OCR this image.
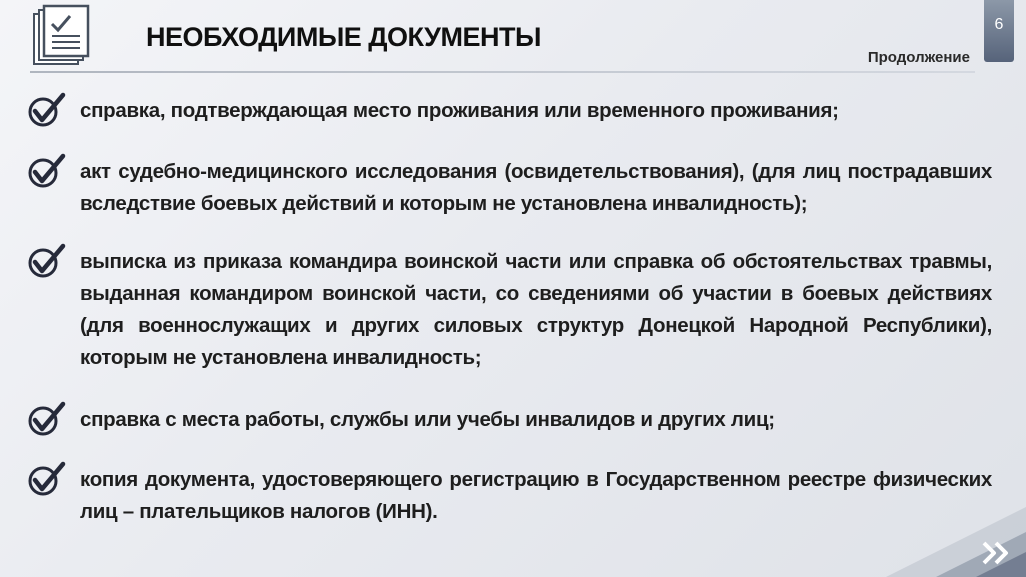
НЕОБХОДИМЫЕ ДОКУМЕНТЫ
Продолжение
6
справка, подтверждающая место проживания или временного проживания;
акт судебно-медицинского исследования (освидетельствования), (для лиц пострадавших вследствие боевых действий и которым не установлена инвалидность);
выписка из приказа командира воинской части или справка об обстоятельствах травмы, выданная командиром воинской части, со сведениями об участии в боевых действиях (для военнослужащих и других силовых структур Донецкой Народной Республики), которым не установлена инвалидность;
справка с места работы, службы или учебы инвалидов и других лиц;
копия документа, удостоверяющего регистрацию в Государственном реестре физических лиц – плательщиков налогов (ИНН).
